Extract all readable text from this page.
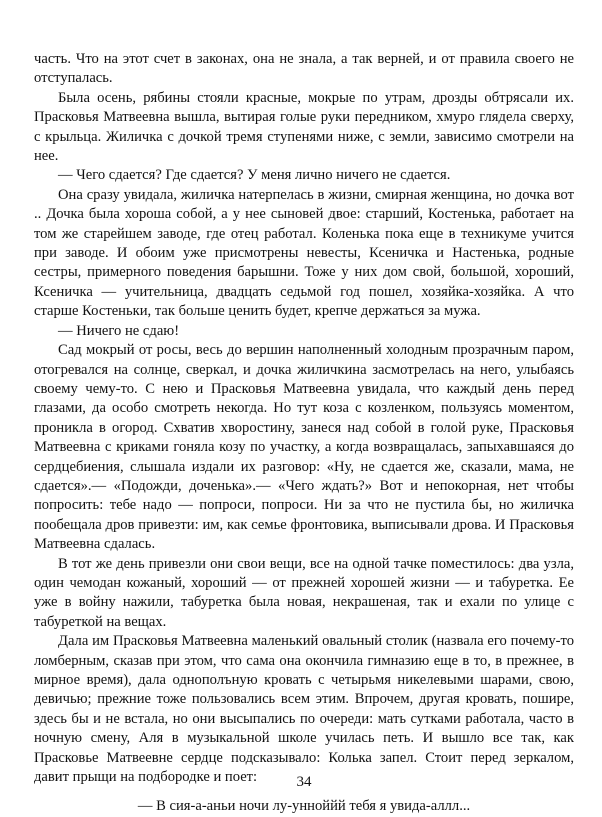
часть. Что на этот счет в законах, она не знала, а так верней, и от правила своего не отступалась.

Была осень, рябины стояли красные, мокрые по утрам, дрозды обтрясали их. Прасковья Матвеевна вышла, вытирая голые руки передником, хмуро глядела сверху, с крыльца. Жиличка с дочкой тремя ступенями ниже, с земли, зависимо смотрели на нее.

— Чего сдается? Где сдается? У меня лично ничего не сдается.

Она сразу увидала, жиличка натерпелась в жизни, смирная женщина, но дочка вот .. Дочка была хороша собой, а у нее сыновей двое: старший, Костенька, работает на том же старейшем заводе, где отец работал. Коленька пока еще в техникуме учится при заводе. И обоим уже присмотрены невесты, Ксеничка и Настенька, родные сестры, примерного поведения барышни. Тоже у них дом свой, большой, хороший, Ксеничка — учительница, двадцать седьмой год пошел, хозяйка-хозяйка. А что старше Костеньки, так больше ценить будет, крепче держаться за мужа.

— Ничего не сдаю!

Сад мокрый от росы, весь до вершин наполненный холодным прозрачным паром, отогревался на солнце, сверкал, и дочка жиличкина засмотрелась на него, улыбаясь своему чему-то. С нею и Прасковья Матвеевна увидала, что каждый день перед глазами, да особо смотреть некогда. Но тут коза с козленком, пользуясь моментом, проникла в огород. Схватив хворостину, занеся над собой в голой руке, Прасковья Матвеевна с криками гоняла козу по участку, а когда возвращалась, запыхавшаяся до сердцебиения, слышала издали их разговор: «Ну, не сдается же, сказали, мама, не сдается».— «Подожди, доченька».— «Чего ждать?» Вот и непокорная, нет чтобы попросить: тебе надо — попроси, попроси. Ни за что не пустила бы, но жиличка пообещала дров привезти: им, как семье фронтовика, выписывали дрова. И Прасковья Матвеевна сдалась.

В тот же день привезли они свои вещи, все на одной тачке поместилось: два узла, один чемодан кожаный, хороший — от прежней хорошей жизни — и табуретка. Ее уже в войну нажили, табуретка была новая, некрашеная, так и ехали по улице с табуреткой на вещах.

Дала им Прасковья Матвеевна маленький овальный столик (назвала его почему-то ломберным, сказав при этом, что сама она окончила гимназию еще в то, в прежнее, в мирное время), дала однополъную кровать с четырьмя никелевыми шарами, свою, девичью; прежние тоже пользовались всем этим. Впрочем, другая кровать, пошире, здесь бы и не встала, но они высыпались по очереди: мать сутками работала, часто в ночную смену, Аля в музыкальной школе училась петь. И вышло все так, как Прасковье Матвеевне сердце подсказывало: Колька запел. Стоит перед зеркалом, давит прыщи на подбородке и поет:

— В сия-а-аньи ночи лу-унноййй тебя я увида-аллл...

34
